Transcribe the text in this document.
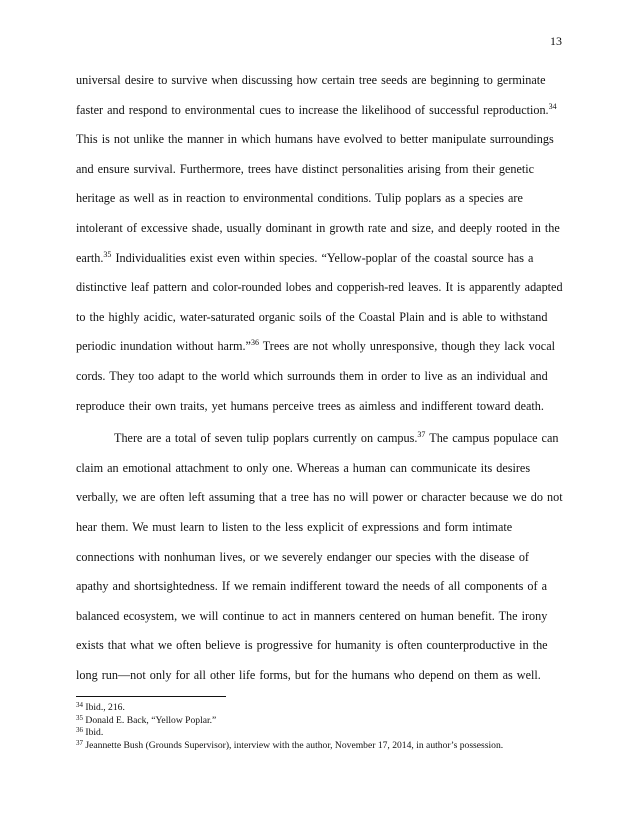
13
universal desire to survive when discussing how certain tree seeds are beginning to germinate
faster and respond to environmental cues to increase the likelihood of successful reproduction.$^{34}$
This is not unlike the manner in which humans have evolved to better manipulate surroundings
and ensure survival. Furthermore, trees have distinct personalities arising from their genetic
heritage as well as in reaction to environmental conditions. Tulip poplars as a species are
intolerant of excessive shade, usually dominant in growth rate and size, and deeply rooted in the
earth.$^{35}$ Individualities exist even within species. “Yellow-poplar of the coastal source has a
distinctive leaf pattern and color-rounded lobes and copperish-red leaves. It is apparently adapted
to the highly acidic, water-saturated organic soils of the Coastal Plain and is able to withstand
periodic inundation without harm.”$^{36}$ Trees are not wholly unresponsive, though they lack vocal
cords. They too adapt to the world which surrounds them in order to live as an individual and
reproduce their own traits, yet humans perceive trees as aimless and indifferent toward death.
There are a total of seven tulip poplars currently on campus.$^{37}$ The campus populace can
claim an emotional attachment to only one. Whereas a human can communicate its desires
verbally, we are often left assuming that a tree has no will power or character because we do not
hear them. We must learn to listen to the less explicit of expressions and form intimate
connections with nonhuman lives, or we severely endanger our species with the disease of
apathy and shortsightedness. If we remain indifferent toward the needs of all components of a
balanced ecosystem, we will continue to act in manners centered on human benefit. The irony
exists that what we often believe is progressive for humanity is often counterproductive in the
long run—not only for all other life forms, but for the humans who depend on them as well.
$^{34}$ Ibid., 216.
$^{35}$ Donald E. Back, “Yellow Poplar.”
$^{36}$ Ibid.
$^{37}$ Jeannette Bush (Grounds Supervisor), interview with the author, November 17, 2014, in author’s possession.
